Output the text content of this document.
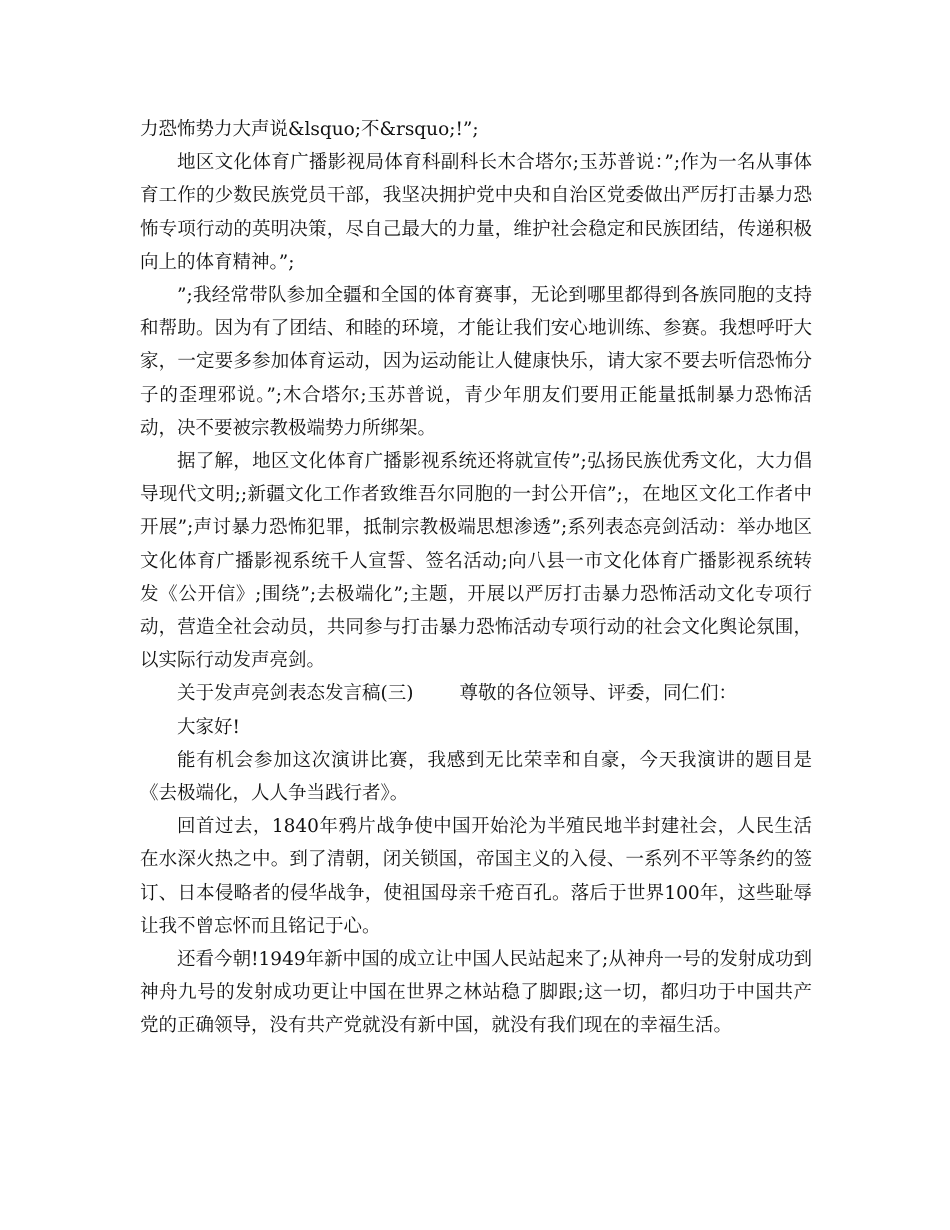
力恐怖势力大声说&lsquo;不&rsquo;!”;

地区文化体育广播影视局体育科副科长木合塔尔;玉苏普说：”;作为一名从事体育工作的少数民族党员干部，我坚决拥护党中央和自治区党委做出严厉打击暴力恐怖专项行动的英明决策，尽自己最大的力量，维护社会稳定和民族团结，传递积极向上的体育精神。”;

”;我经常带队参加全疆和全国的体育赛事，无论到哪里都得到各族同胞的支持和帮助。因为有了团结、和睦的环境，才能让我们安心地训练、参赛。我想呼吁大家，一定要多参加体育运动，因为运动能让人健康快乐，请大家不要去听信恐怖分子的歪理邪说。”;木合塔尔;玉苏普说，青少年朋友们要用正能量抵制暴力恐怖活动，决不要被宗教极端势力所绑架。

据了解，地区文化体育广播影视系统还将就宣传”;弘扬民族优秀文化，大力倡导现代文明;;新疆文化工作者致维吾尔同胞的一封公开信”;，在地区文化工作者中开展”;声讨暴力恐怖犯罪，抵制宗教极端思想渗透”;系列表态亮剑活动：举办地区文化体育广播影视系统千人宣誓、签名活动;向八县一市文化体育广播影视系统转发《公开信》;围绕”;去极端化”;主题，开展以严厉打击暴力恐怖活动文化专项行动，营造全社会动员，共同参与打击暴力恐怖活动专项行动的社会文化舆论氛围，以实际行动发声亮剑。

关于发声亮剑表态发言稿(三) 尊敬的各位领导、评委，同仁们：

大家好!

能有机会参加这次演讲比赛，我感到无比荣幸和自豪，今天我演讲的题目是《去极端化，人人争当践行者》。

回首过去，1840年鸦片战争使中国开始沦为半殖民地半封建社会，人民生活在水深火热之中。到了清朝，闭关锁国，帝国主义的入侵、一系列不平等条约的签订、日本侵略者的侵华战争，使祖国母亲千疮百孔。落后于世界100年，这些耻辱让我不曾忘怀而且铭记于心。

还看今朝!1949年新中国的成立让中国人民站起来了;从神舟一号的发射成功到神舟九号的发射成功更让中国在世界之林站稳了脚跟;这一切，都归功于中国共产党的正确领导，没有共产党就没有新中国，就没有我们现在的幸福生活。
